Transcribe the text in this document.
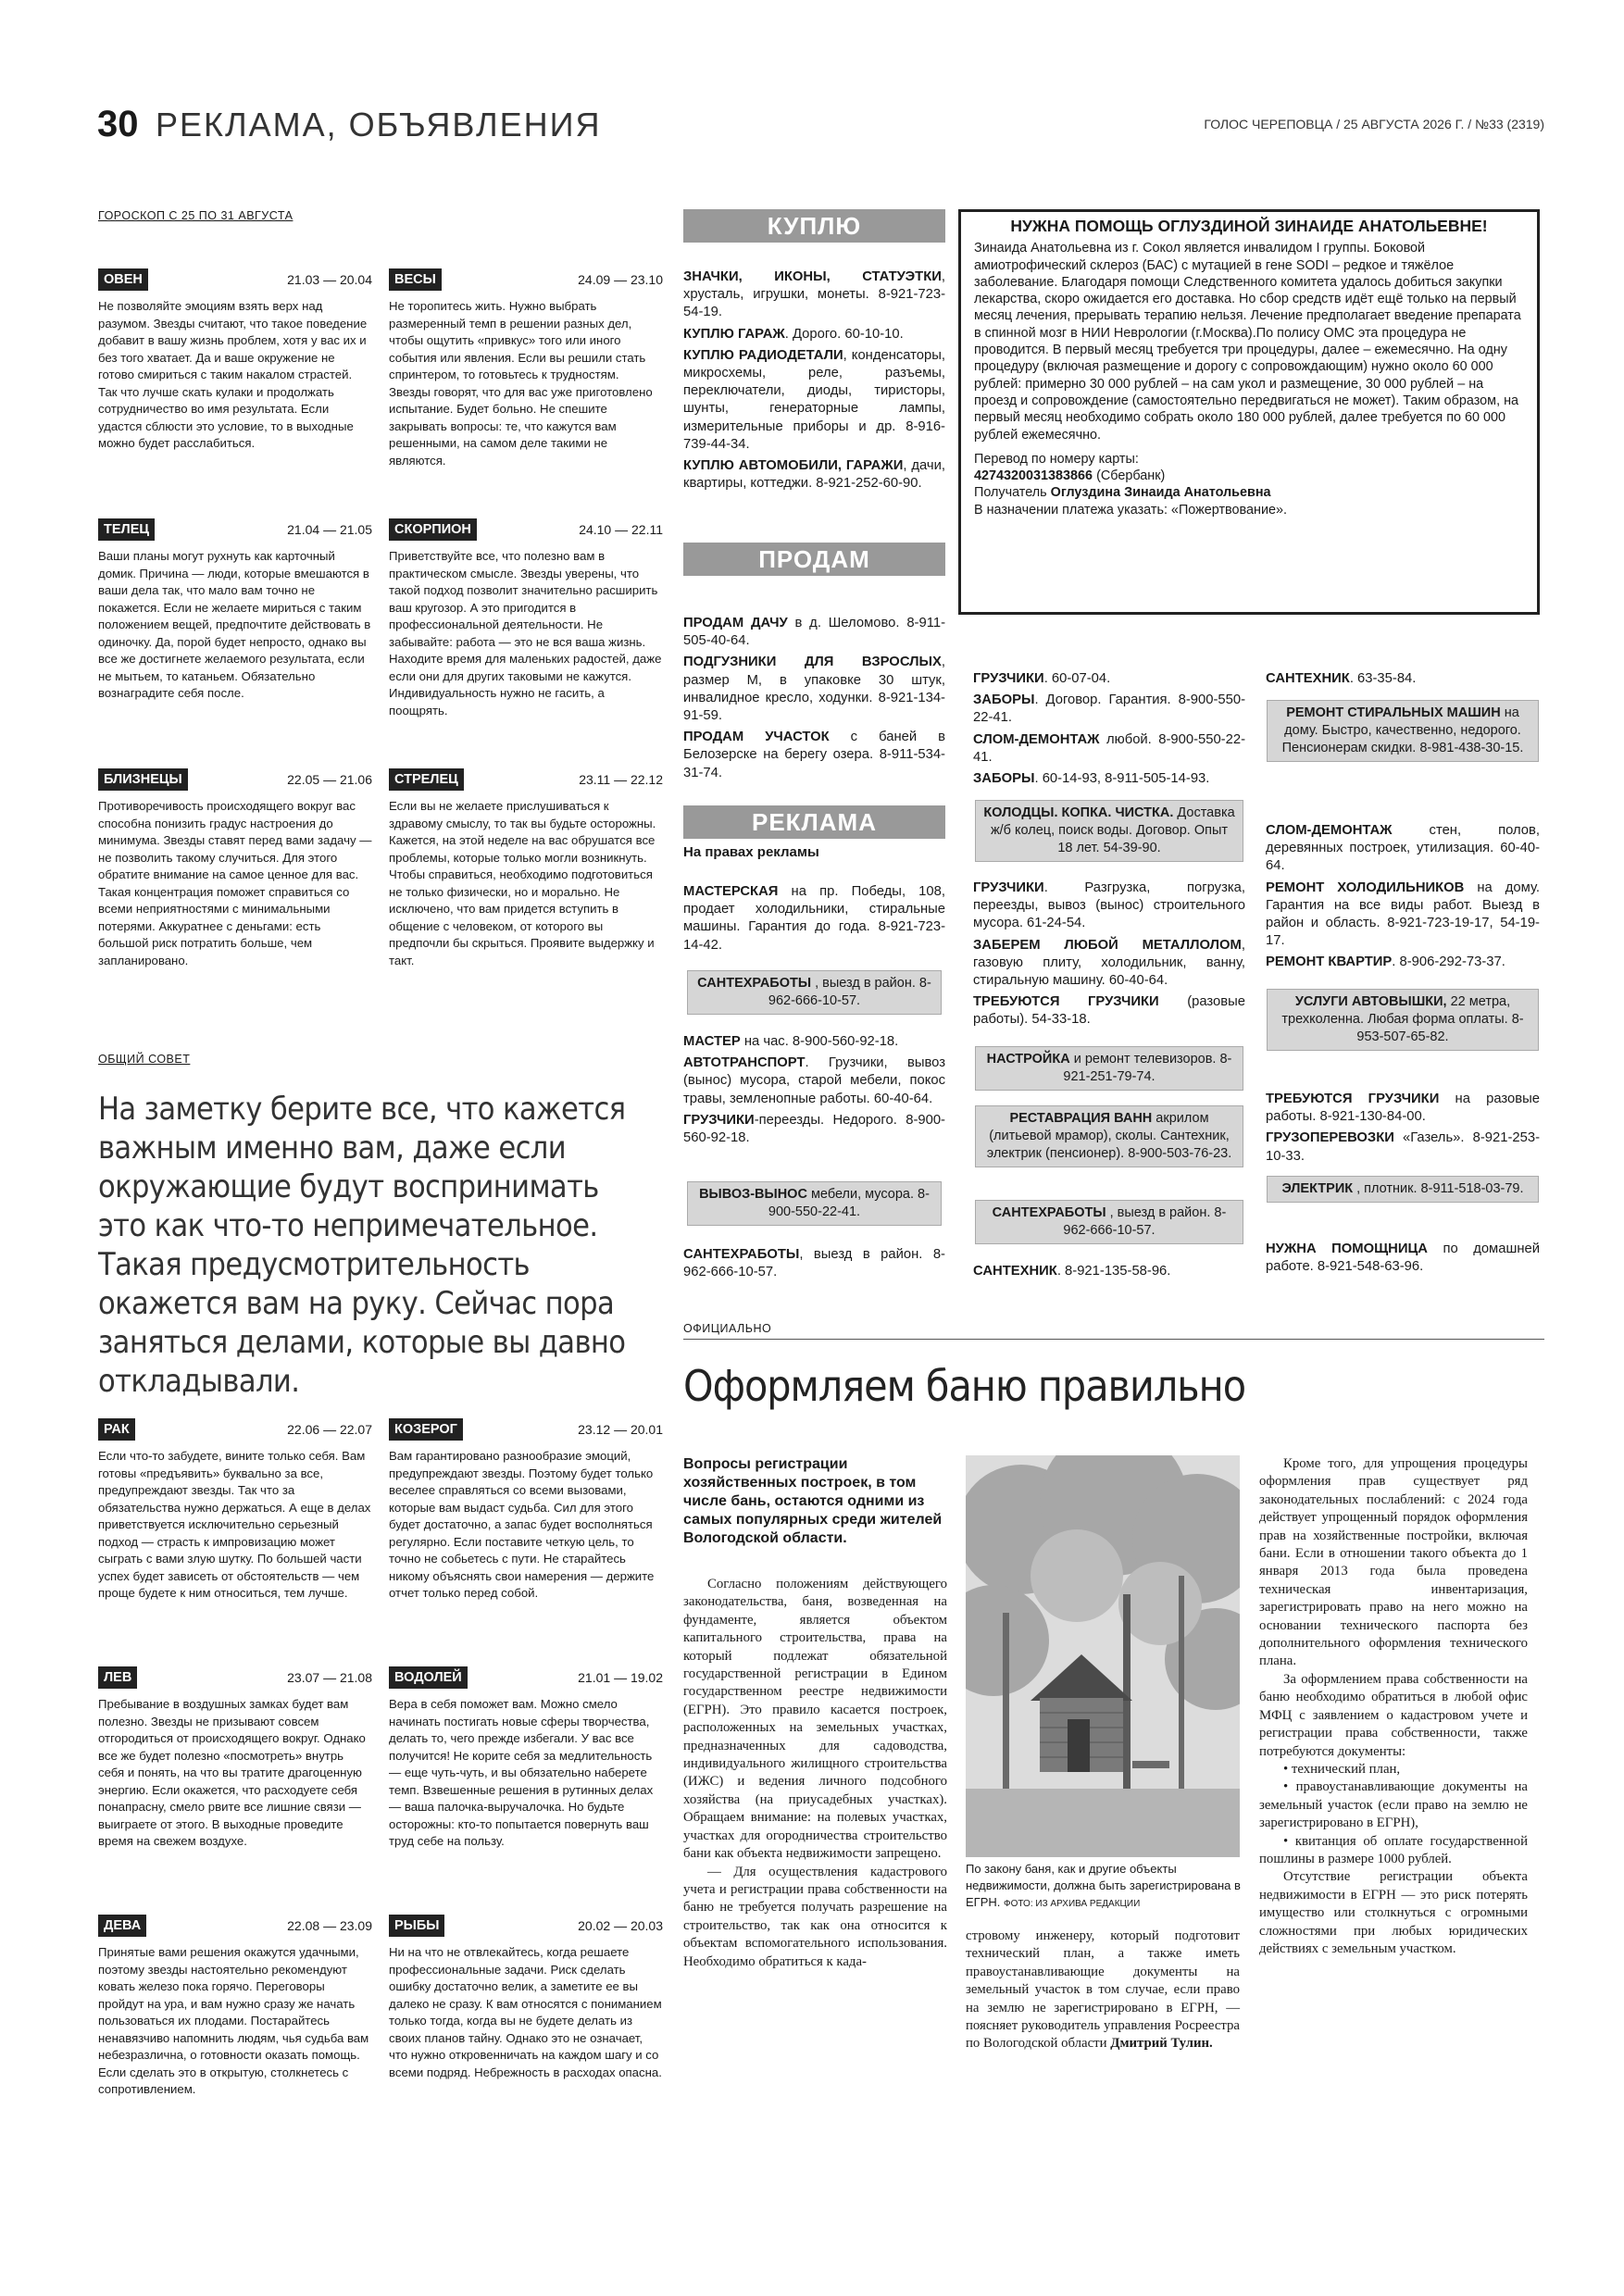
30 РЕКЛАМА, ОБЪЯВЛЕНИЯ	ГОЛОС ЧЕРЕПОВЦА / 25 АВГУСТА 2026 Г. / №33 (2319)
ГОРОСКОП С 25 ПО 31 АВГУСТА
ОВЕН	21.03 — 20.04
Не позволяйте эмоциям взять верх над разумом. Звезды считают, что такое поведение добавит в вашу жизнь проблем, хотя у вас их и без того хватает. Да и ваше окружение не готово смириться с таким накалом страстей. Так что лучше скать кулаки и продолжать сотрудничество во имя результата. Если удастся сблюсти это условие, то в выходные можно будет расслабиться.
ВЕСЫ	24.09 — 23.10
Не торопитесь жить. Нужно выбрать размеренный темп в решении разных дел, чтобы ощутить «привкус» того или иного события или явления. Если вы решили стать спринтером, то готовьтесь к трудностям. Звезды говорят, что для вас уже приготовлено испытание. Будет больно. Не спешите закрывать вопросы: те, что кажутся вам решенными, на самом деле такими не являются.
ТЕЛЕЦ	21.04 — 21.05
Ваши планы могут рухнуть как карточный домик. Причина — люди, которые вмешаются в ваши дела так, что мало вам точно не покажется. Если не желаете мириться с таким положением вещей, предпочтите действовать в одиночку. Да, порой будет непросто, однако вы все же достигнете желаемого результата, если не мытьем, то катаньем. Обязательно вознаградите себя после.
СКОРПИОН	24.10 — 22.11
Приветствуйте все, что полезно вам в практическом смысле. Звезды уверены, что такой подход позволит значительно расширить ваш кругозор. А это пригодится в профессиональной деятельности. Не забывайте: работа — это не вся ваша жизнь. Находите время для маленьких радостей, даже если они для других таковыми не кажутся. Индивидуальность нужно не гасить, а поощрять.
БЛИЗНЕЦЫ	22.05 — 21.06
Противоречивость происходящего вокруг вас способна понизить градус настроения до минимума. Звезды ставят перед вами задачу — не позволить такому случиться. Для этого обратите внимание на самое ценное для вас. Такая концентрация поможет справиться со всеми неприятностями с минимальными потерями. Аккуратнее с деньгами: есть большой риск потратить больше, чем запланировано.
СТРЕЛЕЦ	23.11 — 22.12
Если вы не желаете прислушиваться к здравому смыслу, то так вы будьте осторожны. Кажется, на этой неделе на вас обрушатся все проблемы, которые только могли возникнуть. Чтобы справиться, необходимо подготовиться не только физически, но и морально. Не исключено, что вам придется вступить в общение с человеком, от которого вы предпочли бы скрыться. Проявите выдержку и такт.
ОБЩИЙ СОВЕТ
На заметку берите все, что кажется важным именно вам, даже если окружающие будут воспринимать это как что-то непримечательное. Такая предусмотрительность окажется вам на руку. Сейчас пора заняться делами, которые вы давно откладывали.
РАК	22.06 — 22.07
Если что-то забудете, вините только себя. Вам готовы «предъявить» буквально за все, предупреждают звезды. Так что за обязательства нужно держаться. А еще в делах приветствуется исключительно серьезный подход — страсть к импровизацию может сыграть с вами злую шутку. По большей части успех будет зависеть от обстоятельств — чем проще будете к ним относиться, тем лучше.
КОЗЕРОГ	23.12 — 20.01
Вам гарантировано разнообразие эмоций, предупреждают звезды. Поэтому будет только веселее справляться со всеми вызовами, которые вам выдаст судьба. Сил для этого будет достаточно, а запас будет восполняться регулярно. Если поставите четкую цель, то точно не собьетесь с пути. Не старайтесь никому объяснять свои намерения — держите отчет только перед собой.
ЛЕВ	23.07 — 21.08
Пребывание в воздушных замках будет вам полезно. Звезды не призывают совсем отгородиться от происходящего вокруг. Однако все же будет полезно «посмотреть» внутрь себя и понять, на что вы тратите драгоценную энергию. Если окажется, что расходуете себя понапрасну, смело рвите все лишние связи — выиграете от этого. В выходные проведите время на свежем воздухе.
ВОДОЛЕЙ	21.01 — 19.02
Вера в себя поможет вам. Можно смело начинать постигать новые сферы творчества, делать то, чего прежде избегали. У вас все получится! Не корите себя за медлительность — еще чуть-чуть, и вы обязательно наберете темп. Взвешенные решения в рутинных делах — ваша палочка-выручалочка. Но будьте осторожны: кто-то попытается повернуть ваш труд себе на пользу.
ДЕВА	22.08 — 23.09
Принятые вами решения окажутся удачными, поэтому звезды настоятельно рекомендуют ковать железо пока горячо. Переговоры пройдут на ура, и вам нужно сразу же начать пользоваться их плодами. Постарайтесь ненавязчиво напомнить людям, чья судьба вам небезразлична, о готовности оказать помощь. Если сделать это в открытую, столкнетесь с сопротивлением.
РЫБЫ	20.02 — 20.03
Ни на что не отвлекайтесь, когда решаете профессиональные задачи. Риск сделать ошибку достаточно велик, а заметите ее вы далеко не сразу. К вам относятся с пониманием только тогда, когда вы не будете делать из своих планов тайну. Однако это не означает, что нужно откровенничать на каждом шагу и со всеми подряд. Небрежность в расходах опасна.
КУПЛЮ
ЗНАЧКИ, ИКОНЫ, СТАТУЭТКИ, хрусталь, игрушки, монеты. 8-921-723-54-19.
КУПЛЮ ГАРАЖ. Дорого. 60-10-10.
КУПЛЮ РАДИОДЕТАЛИ, конденсаторы, микросхемы, реле, разъемы, переключатели, диоды, тиристоры, шунты, генераторные лампы, измерительные приборы и др. 8-916-739-44-34.
КУПЛЮ АВТОМОБИЛИ, ГАРАЖИ, дачи, квартиры, коттеджи. 8-921-252-60-90.
ПРОДАМ
ПРОДАМ ДАЧУ в д. Шеломово. 8-911-505-40-64.
ПОДГУЗНИКИ ДЛЯ ВЗРОСЛЫХ, размер М, в упаковке 30 штук, инвалидное кресло, ходунки. 8-921-134-91-59.
ПРОДАМ УЧАСТОК с баней в Белозерске на берегу озера. 8-911-534-31-74.
РЕКЛАМА
На правах рекламы
МАСТЕРСКАЯ на пр. Победы, 108, продает холодильники, стиральные машины. Гарантия до года. 8-921-723-14-42.
САНТЕХРАБОТЫ , выезд в район. 8-962-666-10-57.
МАСТЕР на час. 8-900-560-92-18.
АВТОТРАНСПОРТ. Грузчики, вывоз (вынос) мусора, старой мебели, покос травы, земленопные работы. 60-40-64.
ГРУЗЧИКИ-переезды. Недорого. 8-900-560-92-18.
ВЫВОЗ-ВЫНОС мебели, мусора. 8-900-550-22-41.
САНТЕХРАБОТЫ, выезд в район. 8-962-666-10-57.
ГРУЗЧИКИ. 60-07-04.
ЗАБОРЫ. Договор. Гарантия. 8-900-550-22-41.
СЛОМ-ДЕМОНТАЖ любой. 8-900-550-22-41.
ЗАБОРЫ. 60-14-93, 8-911-505-14-93.
КОЛОДЦЫ. КОПКА. ЧИСТКА. Доставка ж/б колец, поиск воды. Договор. Опыт 18 лет. 54-39-90.
ГРУЗЧИКИ. Разгрузка, погрузка, переезды, вывоз (вынос) строительного мусора. 61-24-54.
ЗАБЕРЕМ ЛЮБОЙ МЕТАЛЛОЛОМ, газовую плиту, холодильник, ванну, стиральную машину. 60-40-64.
ТРЕБУЮТСЯ ГРУЗЧИКИ (разовые работы). 54-33-18.
НАСТРОЙКА и ремонт телевизоров. 8-921-251-79-74.
РЕСТАВРАЦИЯ ВАНН акрилом (литьевой мрамор), сколы. Сантехник, электрик (пенсионер). 8-900-503-76-23.
САНТЕХРАБОТЫ , выезд в район. 8-962-666-10-57.
САНТЕХНИК. 8-921-135-58-96.
САНТЕХНИК. 63-35-84.
РЕМОНТ СТИРАЛЬНЫХ МАШИН на дому. Быстро, качественно, недорого. Пенсионерам скидки. 8-981-438-30-15.
СЛОМ-ДЕМОНТАЖ стен, полов, деревянных построек, утилизация. 60-40-64.
РЕМОНТ ХОЛОДИЛЬНИКОВ на дому. Гарантия на все виды работ. Выезд в район и область. 8-921-723-19-17, 54-19-17.
РЕМОНТ КВАРТИР. 8-906-292-73-37.
УСЛУГИ АВТОВЫШКИ, 22 метра, трехколенна. Любая форма оплаты. 8-953-507-65-82.
ТРЕБУЮТСЯ ГРУЗЧИКИ на разовые работы. 8-921-130-84-00.
ГРУЗОПЕРЕВОЗКИ «Газель». 8-921-253-10-33.
ЭЛЕКТРИК , плотник. 8-911-518-03-79.
НУЖНА ПОМОЩНИЦА по домашней работе. 8-921-548-63-96.
НУЖНА ПОМОЩЬ ОГЛУЗДИНОЙ ЗИНАИДЕ АНАТОЛЬЕВНЕ!
Зинаида Анатольевна из г. Сокол является инвалидом I группы. Боковой амиотрофический склероз (БАС) с мутацией в гене SODI – редкое и тяжёлое заболевание. Благодаря помощи Следственного комитета удалось добиться закупки лекарства, скоро ожидается его доставка. Но сбор средств идёт ещё только на первый месяц лечения, прерывать терапию нельзя. Лечение предполагает введение препарата в спинной мозг в НИИ Неврологии (г.Москва).По полису ОМС эта процедура не проводится. В первый месяц требуется три процедуры, далее – ежемесячно. На одну процедуру (включая размещение и дорогу с сопровождающим) нужно около 60 000 рублей: примерно 30 000 рублей – на сам укол и размещение, 30 000 рублей – на проезд и сопровождение (самостоятельно передвигаться не может). Таким образом, на первый месяц необходимо собрать около 180 000 рублей, далее требуется по 60 000 рублей ежемесячно.
Перевод по номеру карты:
4274320031383866 (Сбербанк)
Получатель Оглуздина Зинаида Анатольевна
В назначении платежа указать: «Пожертвование».
ОФИЦИАЛЬНО
Оформляем баню правильно
Вопросы регистрации хозяйственных построек, в том числе бань, остаются одними из самых популярных среди жителей Вологодской области.

Согласно положениям действующего законодательства, баня, возведенная на фундаменте, является объектом капитального строительства, права на который подлежат обязательной государственной регистрации в Едином государственном реестре недвижимости (ЕГРН). Это правило касается построек, расположенных на земельных участках, предназначенных для садоводства, индивидуального жилищного строительства (ИЖС) и ведения личного подсобного хозяйства (на приусадебных участках). Обращаем внимание: на полевых участках, участках для огородничества строительство бани как объекта недвижимости запрещено.

— Для осуществления кадастрового учета и регистрации права собственности на баню не требуется получать разрешение на строительство, так как она относится к объектам вспомогательного использования. Необходимо обратиться к када-

По закону баня, как и другие объекты недвижимости, должна быть зарегистрирована в ЕГРН. ФОТО: ИЗ АРХИВА РЕДАКЦИИ
стровому инженеру, который подготовит технический план, а также иметь правоустанавливающие документы на земельный участок в том случае, если право на землю не зарегистрировано в ЕГРН, — поясняет руководитель управления Росреестра по Вологодской области Дмитрий Тулин.

Кроме того, для упрощения процедуры оформления прав существует ряд законодательных послаблений: с 2024 года действует упрощенный порядок оформления прав на хозяйственные постройки, включая бани. Если в отношении такого объекта до 1 января 2013 года была проведена техническая инвентаризация, зарегистрировать право на него можно на основании технического паспорта без дополнительного оформления технического плана.

За оформлением права собственности на баню необходимо обратиться в любой офис МФЦ с заявлением о кадастровом учете и регистрации права собственности, также потребуются документы:

• технический план,

• правоустанавливающие документы на земельный участок (если право на землю не зарегистрировано в ЕГРН),

• квитанция об оплате государственной пошлины в размере 1000 рублей.

Отсутствие регистрации объекта недвижимости в ЕГРН — это риск потерять имущество или столкнуться с огромными сложностями при любых юридических действиях с земельным участком.
